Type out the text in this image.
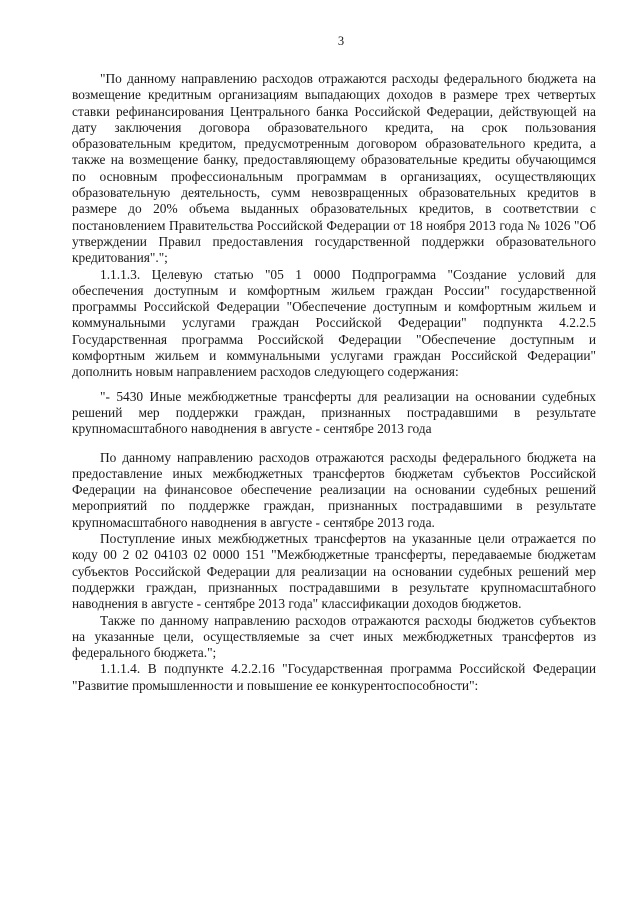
3

"По данному направлению расходов отражаются расходы федерального бюджета на возмещение кредитным организациям выпадающих доходов в размере трех четвертых ставки рефинансирования Центрального банка Российской Федерации, действующей на дату заключения договора образовательного кредита, на срок пользования образовательным кредитом, предусмотренным договором образовательного кредита, а также на возмещение банку, предоставляющему образовательные кредиты обучающимся по основным профессиональным программам в организациях, осуществляющих образовательную деятельность, сумм невозвращенных образовательных кредитов в размере до 20% объема выданных образовательных кредитов, в соответствии с постановлением Правительства Российской Федерации от 18 ноября 2013 года № 1026 "Об утверждении Правил предоставления государственной поддержки образовательного кредитования".";

1.1.1.3. Целевую статью "05 1 0000 Подпрограмма "Создание условий для обеспечения доступным и комфортным жильем граждан России" государственной программы Российской Федерации "Обеспечение доступным и комфортным жильем и коммунальными услугами граждан Российской Федерации" подпункта 4.2.2.5 Государственная программа Российской Федерации "Обеспечение доступным и комфортным жильем и коммунальными услугами граждан Российской Федерации" дополнить новым направлением расходов следующего содержания:

"- 5430 Иные межбюджетные трансферты для реализации на основании судебных решений мер поддержки граждан, признанных пострадавшими в результате крупномасштабного наводнения в августе - сентябре 2013 года

По данному направлению расходов отражаются расходы федерального бюджета на предоставление иных межбюджетных трансфертов бюджетам субъектов Российской Федерации на финансовое обеспечение реализации на основании судебных решений мероприятий по поддержке граждан, признанных пострадавшими в результате крупномасштабного наводнения в августе - сентябре 2013 года.

Поступление иных межбюджетных трансфертов на указанные цели отражается по коду 00 2 02 04103 02 0000 151 "Межбюджетные трансферты, передаваемые бюджетам субъектов Российской Федерации для реализации на основании судебных решений мер поддержки граждан, признанных пострадавшими в результате крупномасштабного наводнения в августе - сентябре 2013 года" классификации доходов бюджетов.

Также по данному направлению расходов отражаются расходы бюджетов субъектов на указанные цели, осуществляемые за счет иных межбюджетных трансфертов из федерального бюджета.";

1.1.1.4. В подпункте 4.2.2.16 "Государственная программа Российской Федерации "Развитие промышленности и повышение ее конкурентоспособности":
